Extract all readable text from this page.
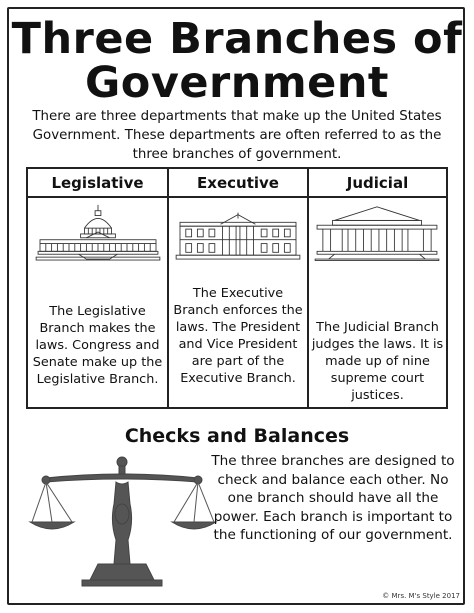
Three Branches of
Government
There are three departments that make up the United States Government. These departments are often referred to as the three branches of government.
Legislative	Executive	Judicial
The Legislative Branch makes the laws. Congress and Senate make up the Legislative Branch.
The Executive Branch enforces the laws. The President and Vice President are part of the Executive Branch.
The Judicial Branch judges the laws. It is made up of nine supreme court justices.
Checks and Balances
The three branches are designed to check and balance each other. No one branch should have all the power. Each branch is important to the functioning of our government.
© Mrs. M's Style 2017
